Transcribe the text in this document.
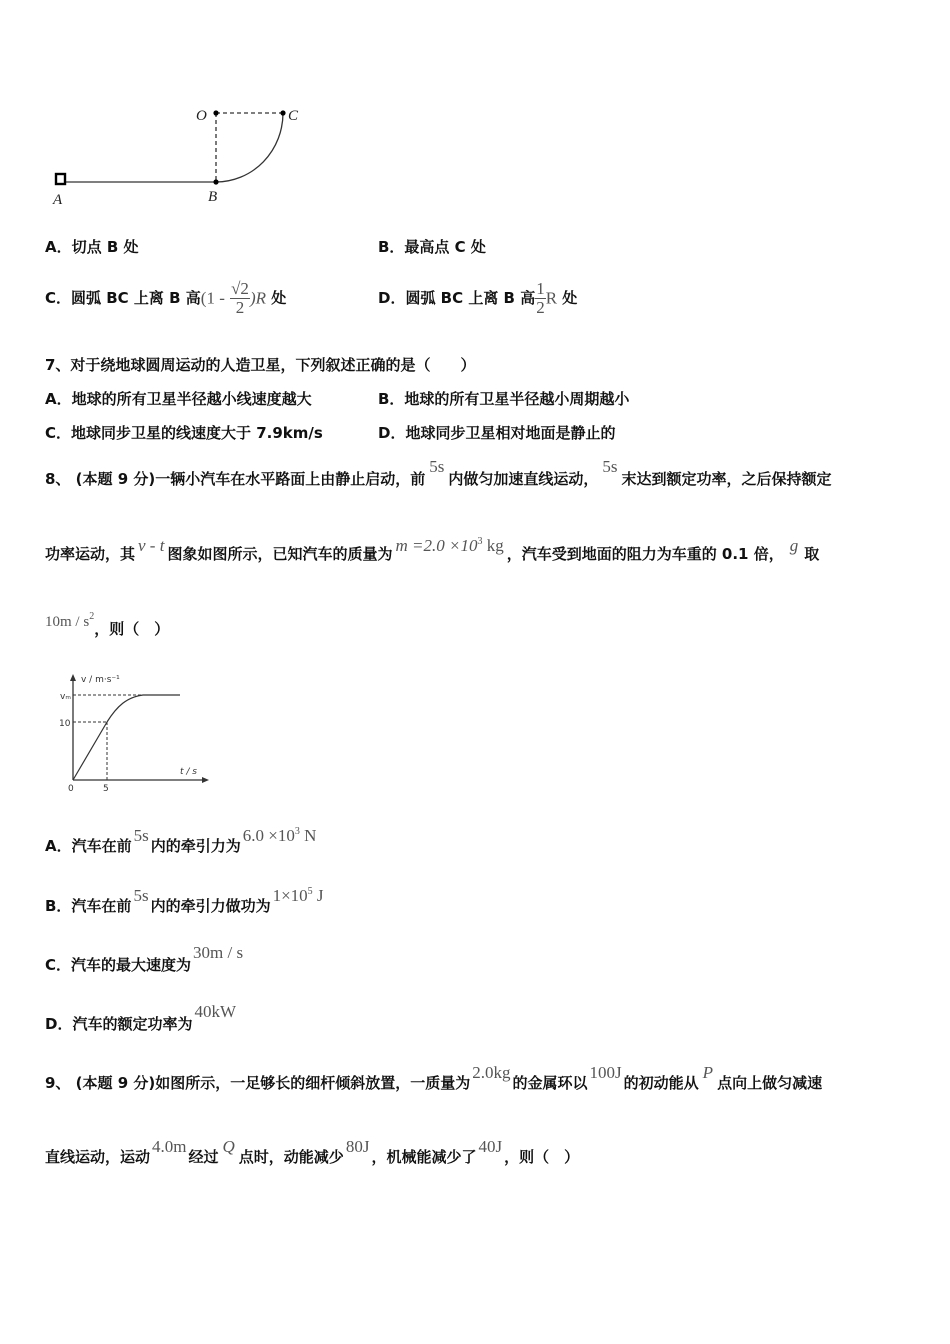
O	C
A	B
A．切点 B 处	B．最高点 C 处
C．圆弧 BC 上离 B 高$(1 - \frac{√2}{2} )R$ 处	D．圆弧 BC 上离 B 高 $\frac{1}{2}$ R 处
7、对于绕地球圆周运动的人造卫星，下列叙述正确的是（　　）
A．地球的所有卫星半径越小线速度越大	B．地球的所有卫星半径越小周期越小
C．地球同步卫星的线速度大于 7.9km/s	D．地球同步卫星相对地面是静止的
8、 (本题 9 分)一辆小汽车在水平路面上由静止启动，前5s内做匀加速直线运动，5s末达到额定功率，之后保持额定
功率运动，其 v - t 图象如图所示，已知汽车的质量为 $m =2.0 \times 10^3$ kg ，汽车受到地面的阻力为车重的 0.1 倍， g 取
$10m / s^2$，则（　）
v / m·s⁻¹
t / s
vₘ
10
0	5
A．汽车在前5s内的牵引力为$6.0 \times 10^3$ N
B．汽车在前5s内的牵引力做功为$1\times 10^5$ J
C．汽车的最大速度为30m / s
D．汽车的额定功率为40kW
9、 (本题 9 分)如图所示，一足够长的细杆倾斜放置，一质量为2.0kg的金属环以100J的初动能从P点向上做匀减速
直线运动，运动4.0m经过Q点时，动能减少80J，机械能减少了40J，则（　）
